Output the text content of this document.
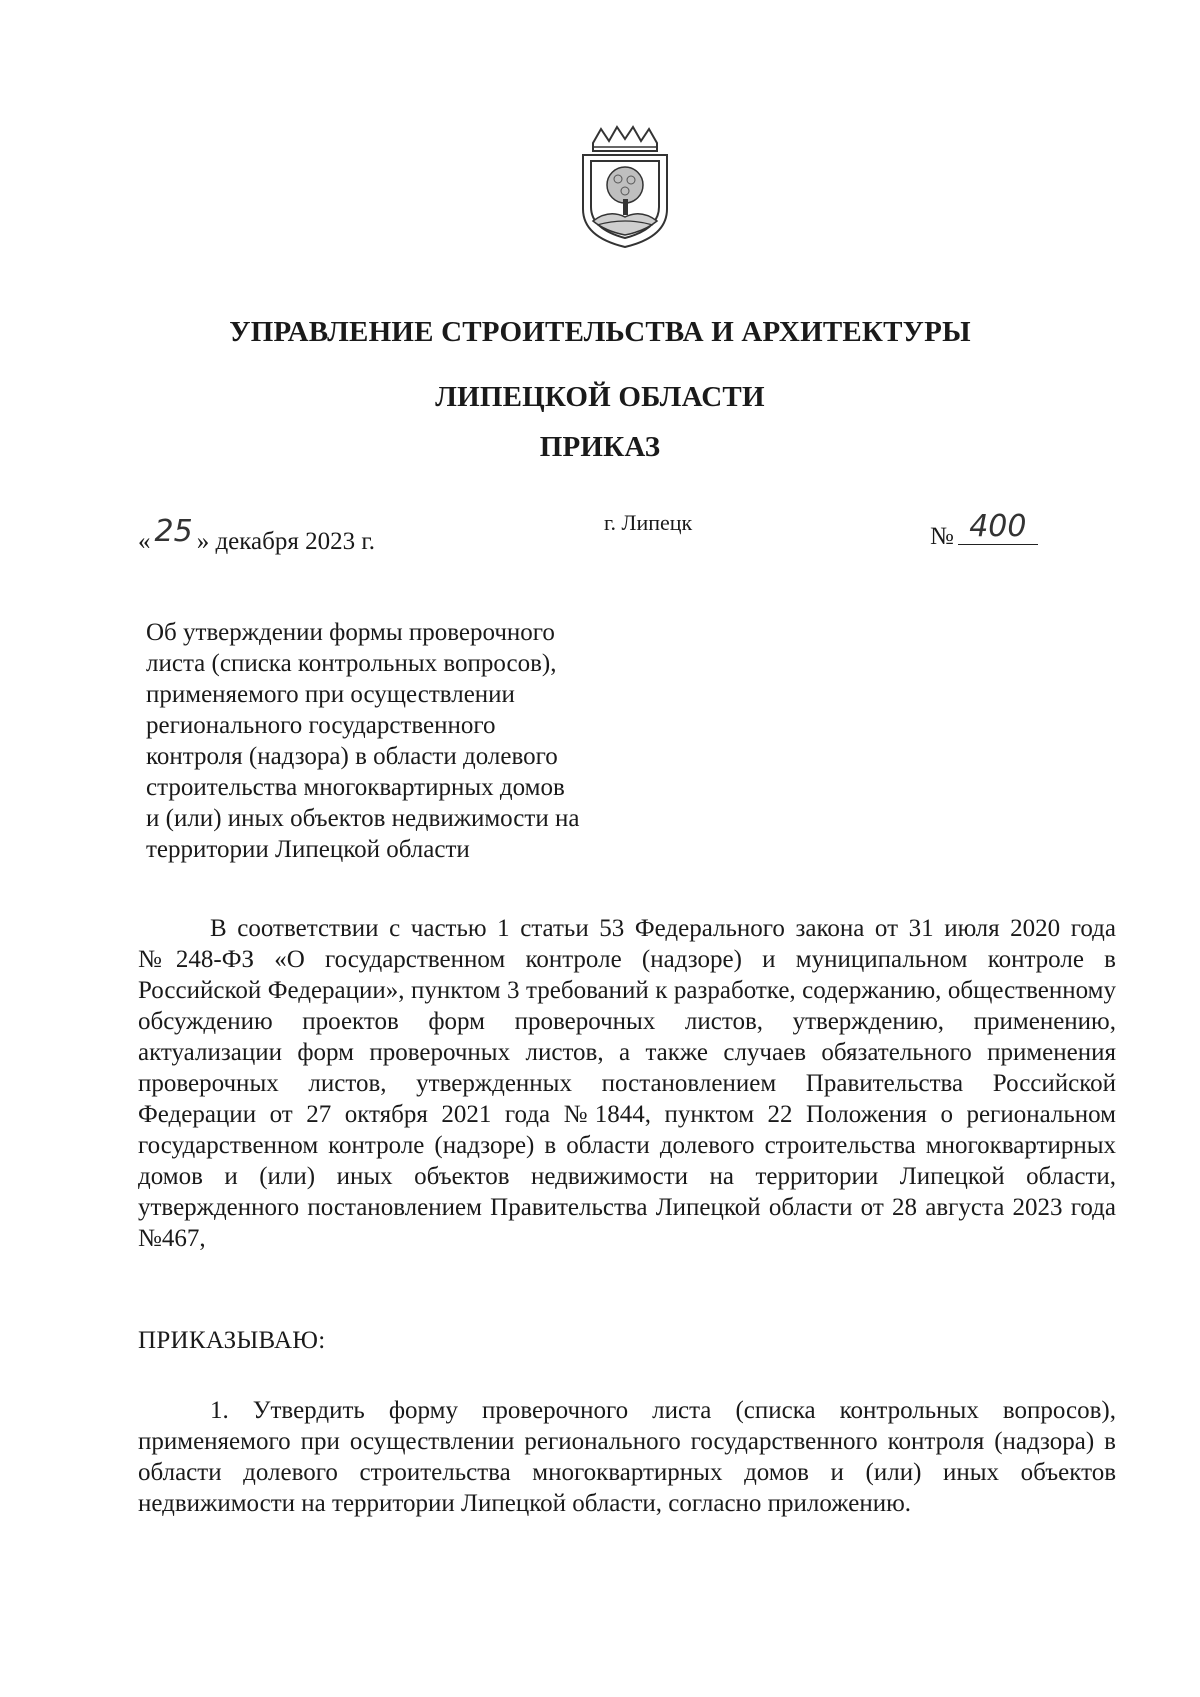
УПРАВЛЕНИЕ СТРОИТЕЛЬСТВА И АРХИТЕКТУРЫ
ЛИПЕЦКОЙ ОБЛАСТИ
ПРИКАЗ
« 25 » декабря 2023 г.
г. Липецк
№ 400
Об утверждении формы проверочного
листа (списка контрольных вопросов),
применяемого при осуществлении
регионального государственного
контроля (надзора) в области долевого
строительства многоквартирных домов
и (или) иных объектов недвижимости на
территории Липецкой области
В соответствии с частью 1 статьи 53 Федерального закона от 31 июля 2020 года №248-ФЗ «О государственном контроле (надзоре) и муниципальном контроле в Российской Федерации», пунктом 3 требований к разработке, содержанию, общественному обсуждению проектов форм проверочных листов, утверждению, применению, актуализации форм проверочных листов, а также случаев обязательного применения проверочных листов, утвержденных постановлением Правительства Российской Федерации от 27 октября 2021 года №1844, пунктом 22 Положения о региональном государственном контроле (надзоре) в области долевого строительства многоквартирных домов и (или) иных объектов недвижимости на территории Липецкой области, утвержденного постановлением Правительства Липецкой области от 28 августа 2023 года №467,
ПРИКАЗЫВАЮ:
1. Утвердить форму проверочного листа (списка контрольных вопросов), применяемого при осуществлении регионального государственного контроля (надзора) в области долевого строительства многоквартирных домов и (или) иных объектов недвижимости на территории Липецкой области, согласно приложению.
